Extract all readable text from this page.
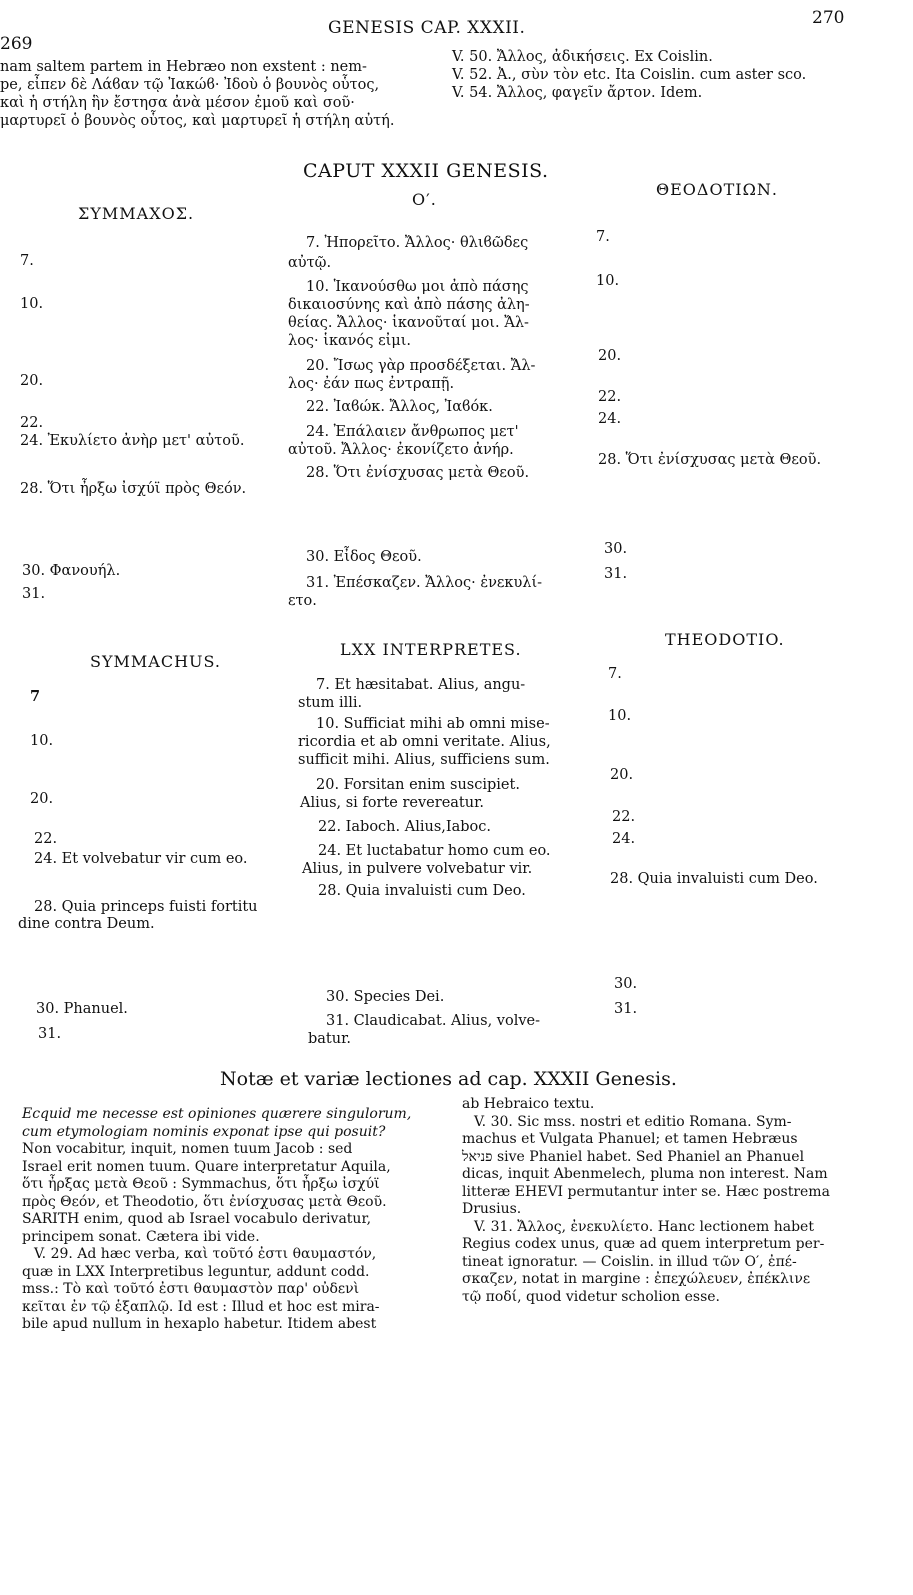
269
GENESIS CAP. XXXII.	270
nam saltem partem in Hebræo non exstent : nem-
pe, εἶπεν δὲ Λάϐαν τῷ Ἰακώϐ· Ἰδοὺ ὁ βουνὸς οὗτος,
καὶ ἡ στήλη ἣν ἔστησα ἀνὰ μέσον ἐμοῦ καὶ σοῦ·
μαρτυρεῖ ὁ βουνὸς οὗτος, καὶ μαρτυρεῖ ἡ στήλη αὐτή.
V. 50. Ἄλλος, ἀδικήσεις. Ex Coislin.
V. 52. Ἀ., σὺν τὸν etc. Ita Coislin. cum aster sco.
V. 54. Ἄλλος, φαγεῖν ἄρτον. Idem.
CAPUT XXXII GENESIS.
ΣΥΜΜΑΧΟΣ.
Ο′.
ΘΕΟΔΟΤΙΩΝ.
7.
10.
20.
22.
24. Ἐκυλίετο ἀνὴρ μετ' αὐτοῦ.
28. Ὅτι ἦρξω ἰσχύϊ πρὸς Θεόν.
30. Φανουήλ.
31.
7. Ἠπορεῖτο. Ἄλλος· θλιϐῶδες
αὐτῷ.
10. Ἱκανούσθω μοι ἀπὸ πάσης
δικαιοσύνης καὶ ἀπὸ πάσης ἀλη-
θείας. Ἄλλος· ἱκανοῦταί μοι. Ἄλ-
λος· ἱκανός εἰμι.
20. Ἴσως γὰρ προσδέξεται. Ἄλ-
λος· ἐάν πως ἐντραπῇ.
22. Ἰαϐώκ. Ἄλλος, Ἰαϐόκ.
24. Ἐπάλαιεν ἄνθρωπος μετ'
αὐτοῦ. Ἄλλος· ἐκονίζετο ἀνήρ.
28. Ὅτι ἐνίσχυσας μετὰ Θεοῦ.
30. Εἶδος Θεοῦ.
31. Ἐπέσκαζεν. Ἄλλος· ἐνεκυλί-
ετο.
7.
10.
20.
22.
24.
28. Ὅτι ἐνίσχυσας μετὰ Θεοῦ.
30.
31.
SYMMACHUS.
LXX INTERPRETES.
THEODOTIO.
7
10.
20.
22.
24. Et volvebatur vir cum eo.
28. Quia princeps fuisti fortitu
dine contra Deum.
30. Phanuel.
31.
7. Et hæsitabat. Alius, angu-
stum illi.
10. Sufficiat mihi ab omni mise-
ricordia et ab omni veritate. Alius,
sufficit mihi. Alius, sufficiens sum.
20. Forsitan enim suscipiet.
Alius, si forte revereatur.
22. Iaboch. Alius,Iaboc.
24. Et luctabatur homo cum eo.
Alius, in pulvere volvebatur vir.
28. Quia invaluisti cum Deo.
30. Species Dei.
31. Claudicabat. Alius, volve-
batur.
7.
10.
20.
22.
24.
28. Quia invaluisti cum Deo.
30.
31.
Notæ et variæ lectiones ad cap. XXXII Genesis.

Ecquid me necesse est opiniones quærere singulorum,

cum etymologiam nominis exponat ipse qui posuit?

Non vocabitur, inquit, nomen tuum Jacob : sed

Israel erit nomen tuum. Quare interpretatur Aquila,

ὅτι ἦρξας μετὰ Θεοῦ : Symmachus, ὅτι ἦρξω ἰσχύϊ

πρὸς Θεόν, et Theodotio, ὅτι ἐνίσχυσας μετὰ Θεοῦ.

SARITH enim, quod ab Israel vocabulo derivatur,

principem sonat. Cætera ibi vide.

V. 29. Ad hæc verba, καὶ τοῦτό ἐστι θαυμαστόν,

quæ in LXX Interpretibus leguntur, addunt codd.

mss.: Τὸ καὶ τοῦτό ἐστι θαυμαστὸν παρ' οὐδενὶ

κεῖται ἐν τῷ ἑξαπλῷ. Id est : Illud et hoc est mira-

bile apud nullum in hexaplo habetur. Itidem abest

ab Hebraico textu.

V. 30. Sic mss. nostri et editio Romana. Sym-

machus et Vulgata Phanuel; et tamen Hebræus

פניאל sive Phaniel habet. Sed Phaniel an Phanuel

dicas, inquit Abenmelech, pluma non interest. Nam

litteræ EHEVI permutantur inter se. Hæc postrema

Drusius.

V. 31. Ἄλλος, ἐνεκυλίετο. Hanc lectionem habet

Regius codex unus, quæ ad quem interpretum per-

tineat ignoratur. — Coislin. in illud τῶν Ο′, ἐπέ-

σκαζεν, notat in margine : ἐπεχώλευεν, ἐπέκλινε

τῷ ποδί, quod videtur scholion esse.
